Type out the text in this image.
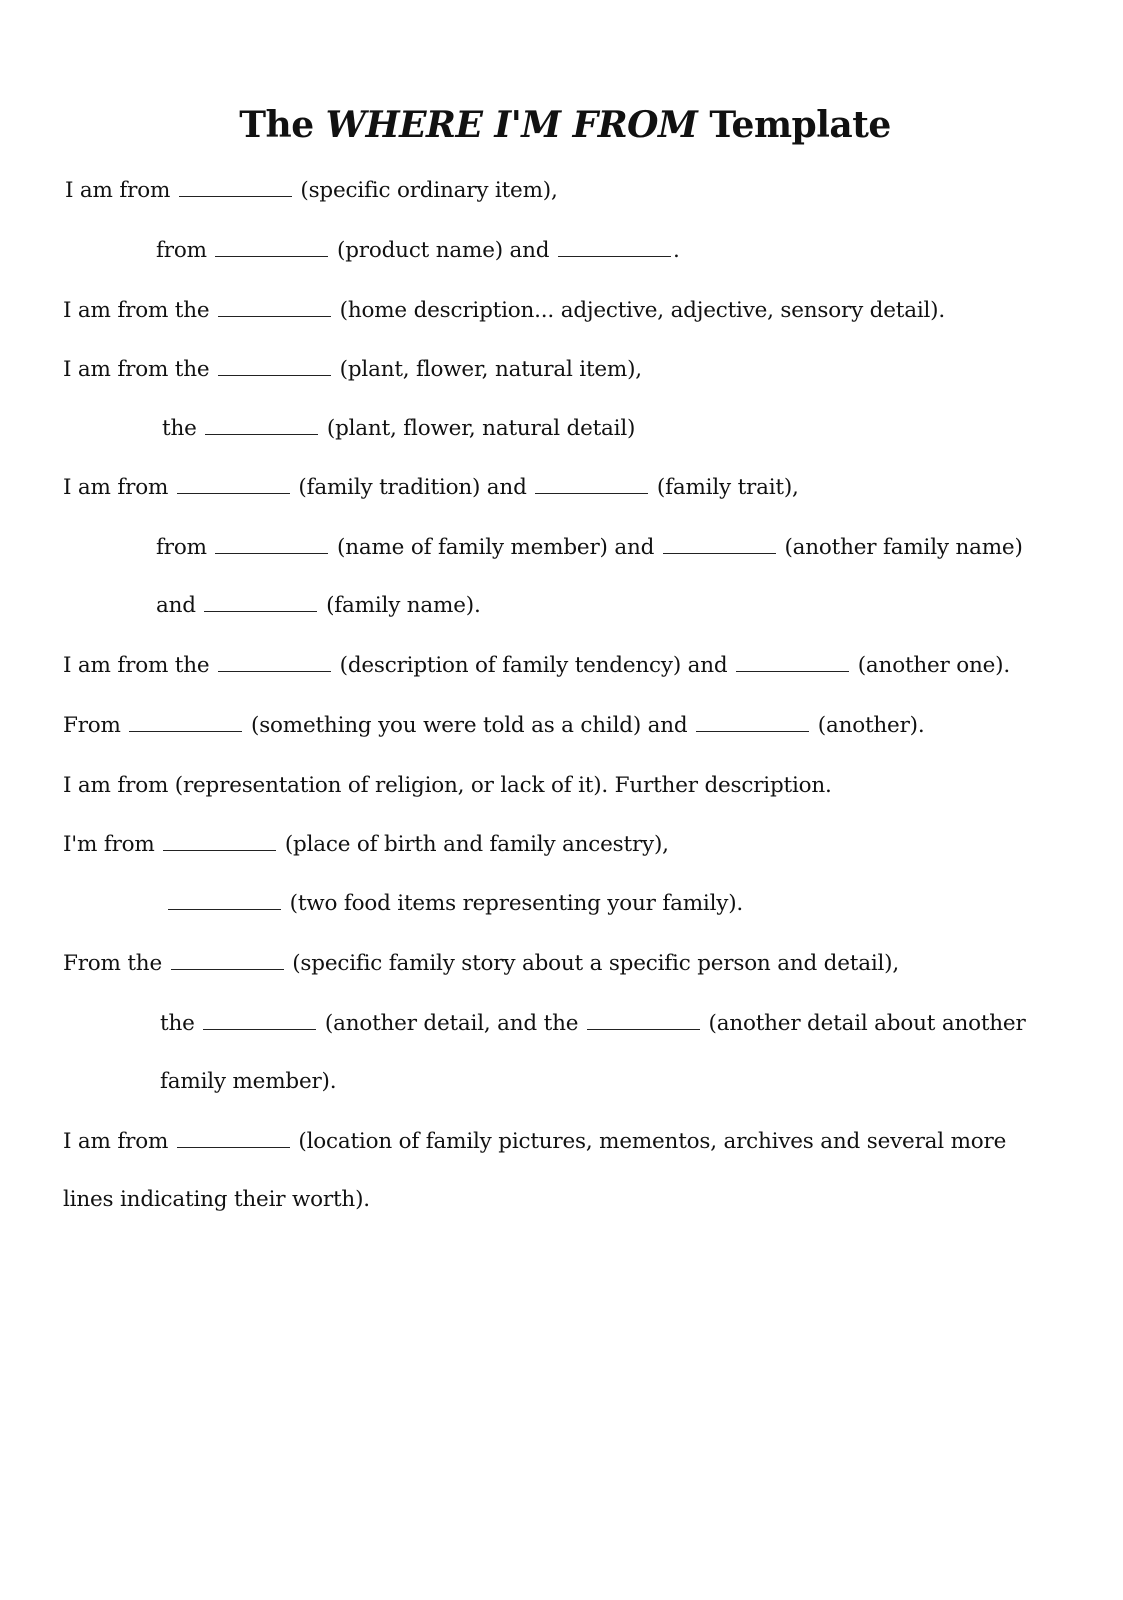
The WHERE I'M FROM Template
I am from	(specific ordinary item),
from	(product name) and	.
I am from the	(home description... adjective, adjective, sensory detail).
I am from the	(plant, flower, natural item),
the	(plant, flower, natural detail)
I am from	(family tradition) and	(family trait),
from	(name of family member) and	(another family name)
and	(family name).
I am from the	(description of family tendency) and	(another one).
From	(something you were told as a child) and	(another).
I am from (representation of religion, or lack of it). Further description.
I'm from	(place of birth and family ancestry),
(two food items representing your family).
From the	(specific family story about a specific person and detail),
the	(another detail, and the	(another detail about another
family member).
I am from	(location of family pictures, mementos, archives and several more
lines indicating their worth).
